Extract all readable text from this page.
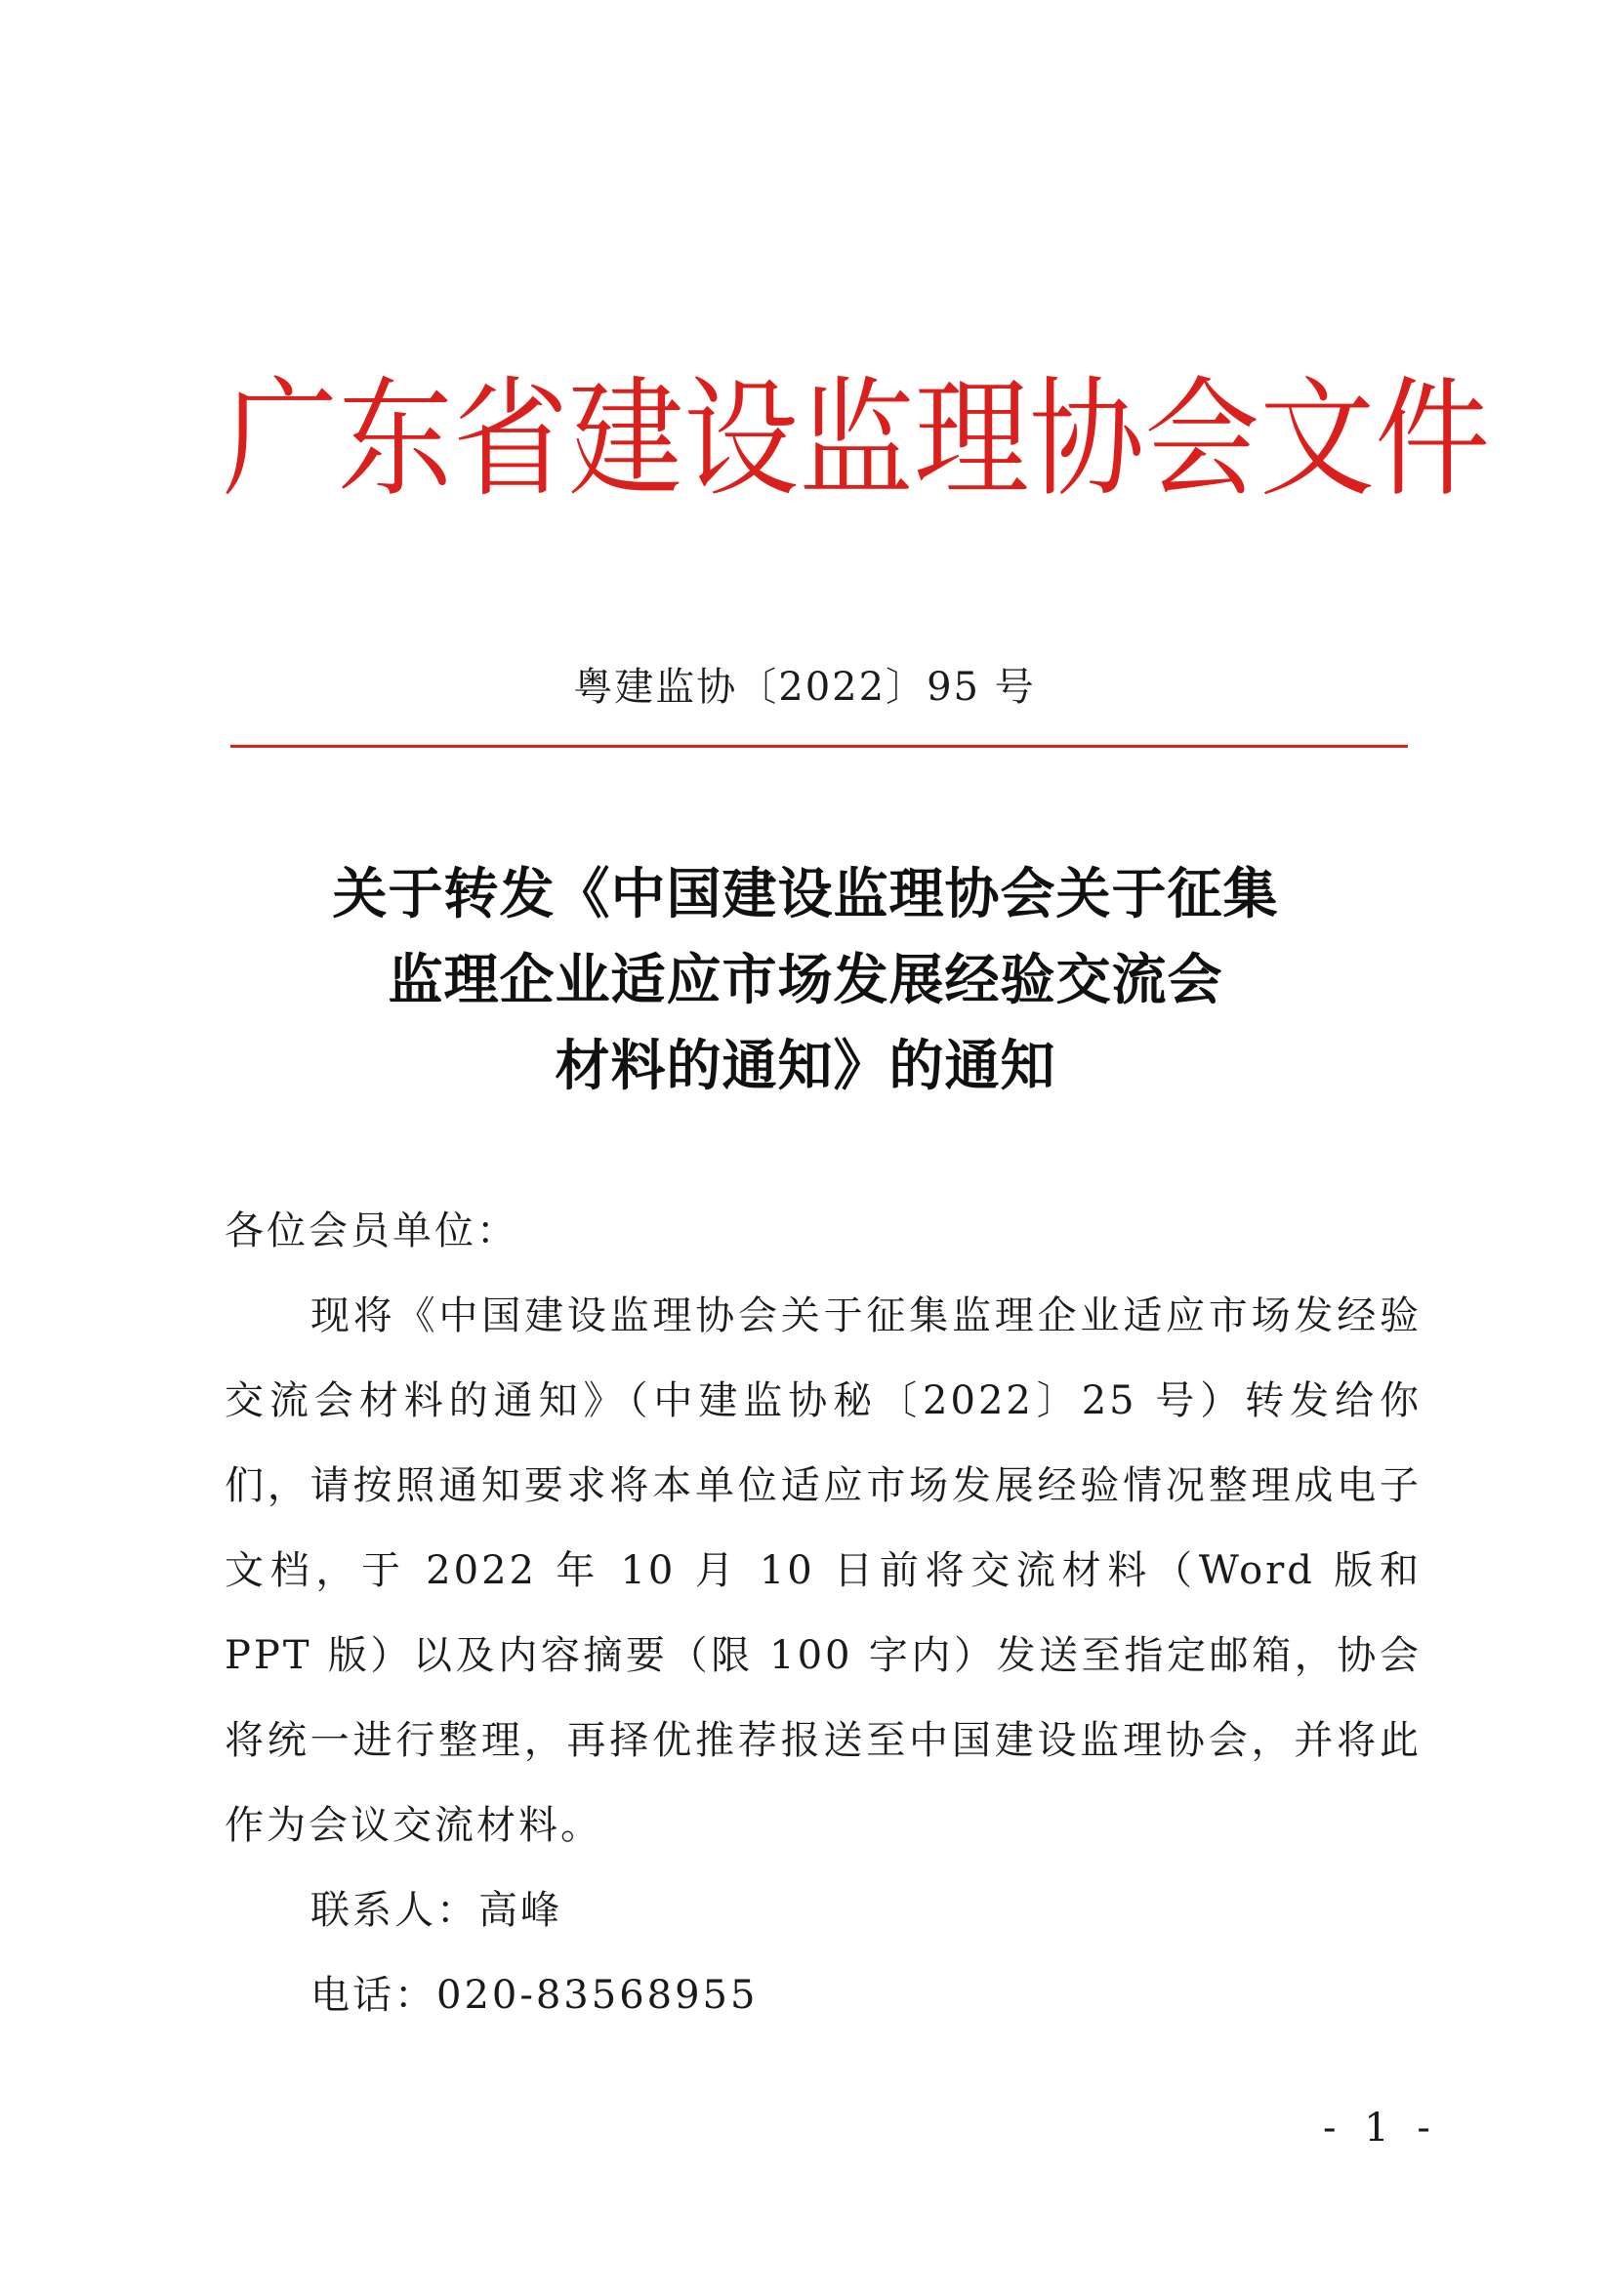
广 东 省 建 设 监 理 协 会 文 件
粤建监协〔2022〕95 号
关于转发《中国建设监理协会关于征集
监理企业适应市场发展经验交流会
材料的通知》的通知

各位会员单位：

现将《中国建设监理协会关于征集监理企业适应市场发经验交流会材料的通知》（中建监协秘〔2022〕25 号）转发给你们，请按照通知要求将本单位适应市场发展经验情况整理成电子文档，于 2022 年 10 月 10 日前将交流材料（Word 版和 PPT 版）以及内容摘要（限 100 字内）发送至指定邮箱，协会将统一进行整理，再择优推荐报送至中国建设监理协会，并将此作为会议交流材料。

联系人：高峰

电话：020-83568955

- 1 -
